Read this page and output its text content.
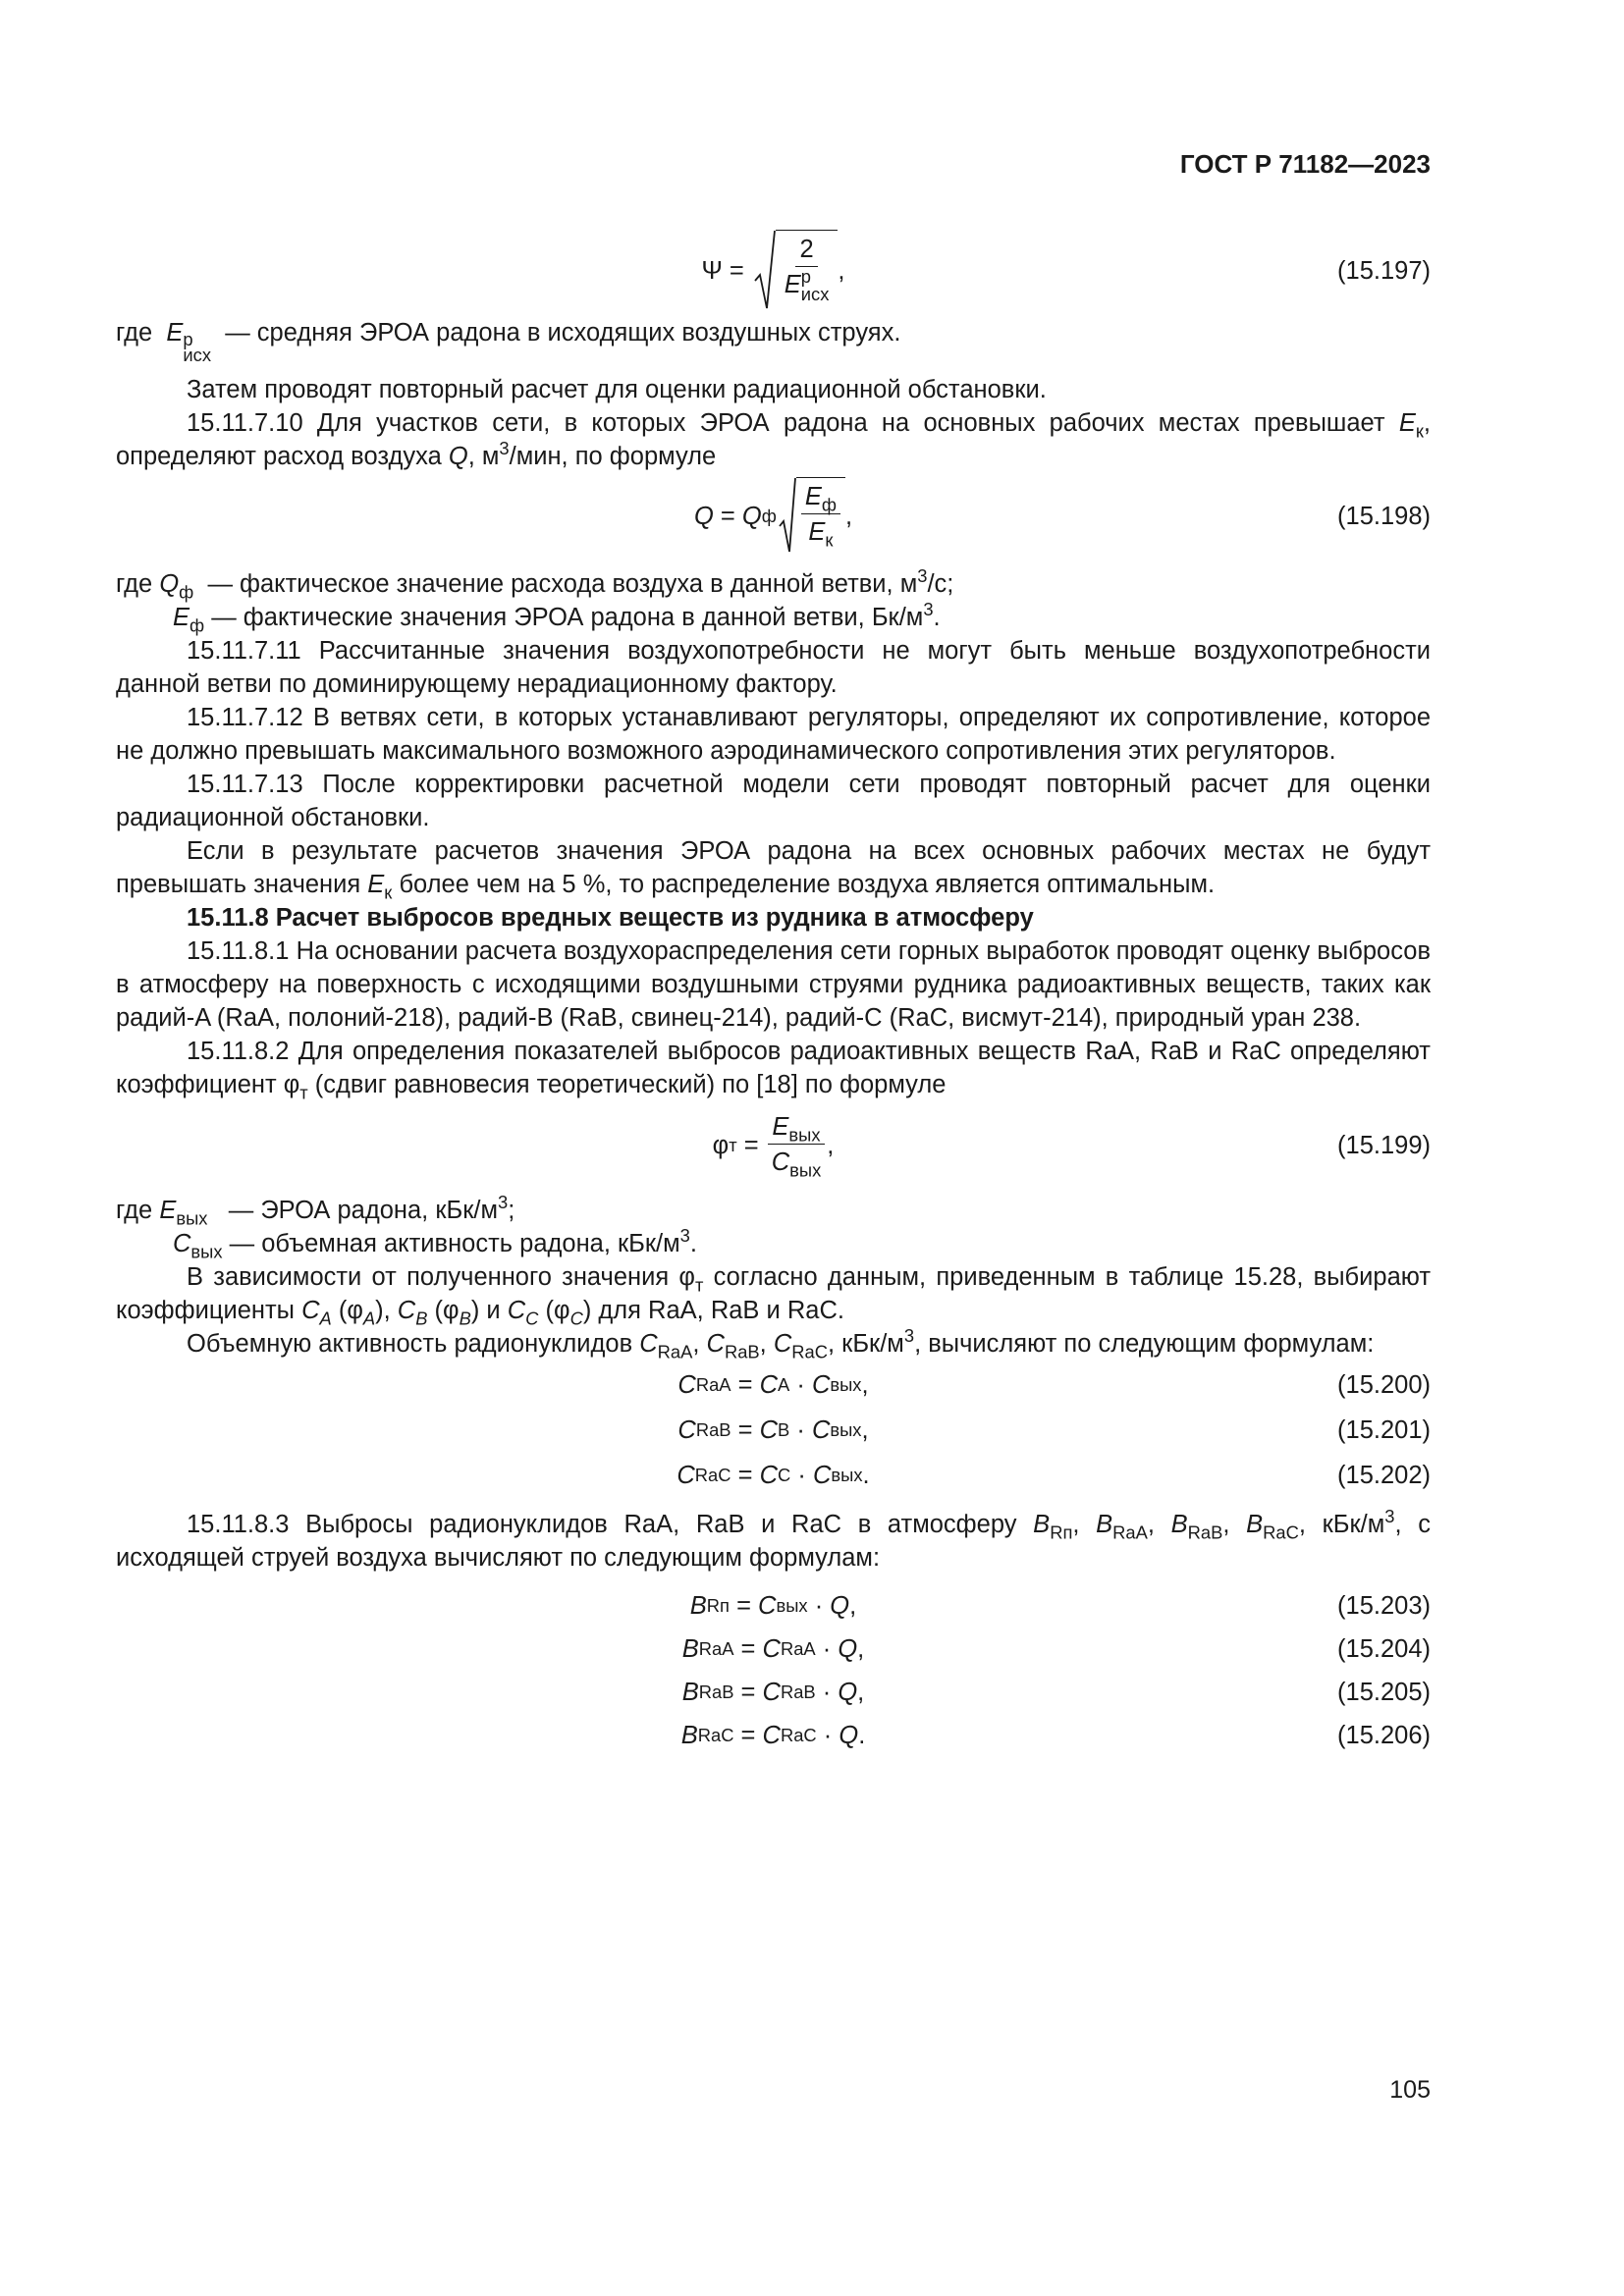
ГОСТ Р 71182—2023
Ψ = 2
E р
исх ,	(15.197)

где E р
исх
— средняя ЭРОА радона в исходящих воздушных струях.

Затем проводят повторный расчет для оценки радиационной обстановки.

15.11.7.10 Для участков сети, в которых ЭРОА радона на основных рабочих местах превышает $E_к$, определяют расход воздуха Q, $м^3$/мин, по формуле

Q
=
Q ф $\frac{E_ф}{E_к}$ ,	(15.198)

где $Q_ф$ — фактическое значение расхода воздуха в данной ветви, $м^3/с$;

$E_ф$ — фактические значения ЭРОА радона в данной ветви, $Бк/м^3$.

15.11.7.11 Рассчитанные значения воздухопотребности не могут быть меньше воздухопотребности данной ветви по доминирующему нерадиационному фактору.

15.11.7.12 В ветвях сети, в которых устанавливают регуляторы, определяют их сопротивление, которое не должно превышать максимального возможного аэродинамического сопротивления этих регуляторов.

15.11.7.13 После корректировки расчетной модели сети проводят повторный расчет для оценки радиационной обстановки.

Если в результате расчетов значения ЭРОА радона на всех основных рабочих местах не будут превышать значения $E_к$ более чем на 5 %, то распределение воздуха является оптимальным.

15.11.8 Расчет выбросов вредных веществ из рудника в атмосферу

15.11.8.1 На основании расчета воздухораспределения сети горных выработок проводят оценку выбросов в атмосферу на поверхность с исходящими воздушными струями рудника радиоактивных веществ, таких как радий-A (RaA, полоний-218), радий-B (RaB, свинец-214), радий-C (RaC, висмут-214), природный уран 238.

15.11.8.2 Для определения показателей выбросов радиоактивных веществ RaA, RaB и RaC определяют коэффициент $\varphi_т$ (сдвиг равновесия теоретический) по [18] по формуле

φ т
=
$\frac{E_{вых}}{C_{вых}}$ ,	(15.199)

где $E_{вых}$ — ЭРОА радона, кБк/$м^3$;

$C_{вых}$ — объемная активность радона, кБк/$м^3$.

В зависимости от полученного значения $\varphi_т$ согласно данным, приведенным в таблице 15.28, выбирают коэффициенты $C_A$ $(\varphi_A)$, $C_B$ $(\varphi_B)$ и $C_C$ $(\varphi_C)$ для RaA, RaB и RaC.

Объемную активность радионуклидов $C_{RaA}$, $C_{RaB}$, $C_{RaC}$, кБк/$м^3$, вычисляют по следующим формулам:

C RaA = C A · C вых ,	(15.200)
C RaB = C B · C вых ,	(15.201)
C RaC = C C · C вых .	(15.202)

15.11.8.3 Выбросы радионуклидов RaA, RaB и RaC в атмосферу $B_{Rп}$, $B_{RaA}$, $B_{RaB}$, $B_{RaC}$, кБк/$м^3$, с исходящей струей воздуха вычисляют по следующим формулам:

B Rп = C вых · Q ,	(15.203)
B RaA = C RaA · Q ,	(15.204)
B RaB = C RaB · Q ,	(15.205)
B RaC = C RaC · Q .	(15.206)
105
